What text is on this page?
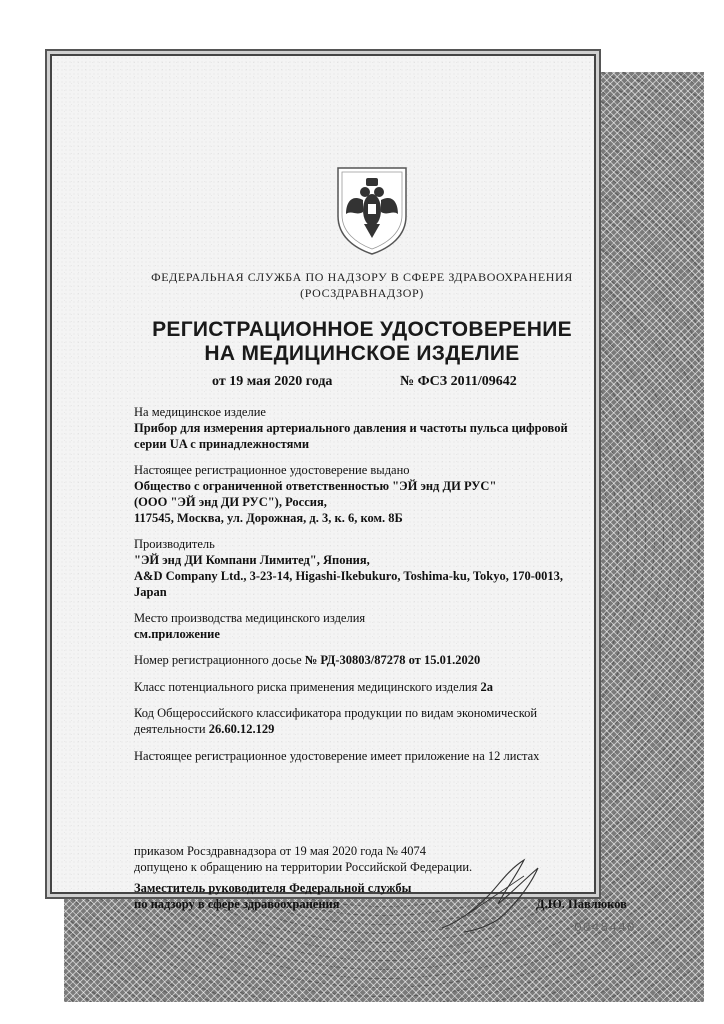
ФЕДЕРАЛЬНАЯ СЛУЖБА ПО НАДЗОРУ В СФЕРЕ ЗДРАВООХРАНЕНИЯ
(РОСЗДРАВНАДЗОР)
РЕГИСТРАЦИОННОЕ УДОСТОВЕРЕНИЕ
НА МЕДИЦИНСКОЕ ИЗДЕЛИЕ
от 19 мая 2020 года	№ ФСЗ 2011/09642
На медицинское изделие
Прибор для измерения артериального давления и частоты пульса цифровой
серии UA с принадлежностями
Настоящее регистрационное удостоверение выдано
Общество с ограниченной ответственностью "ЭЙ энд ДИ РУС"
(ООО "ЭЙ энд ДИ РУС"), Россия,
117545, Москва, ул. Дорожная, д. 3, к. 6, ком. 8Б
Производитель
"ЭЙ энд ДИ Компани Лимитед", Япония,
A&D Company Ltd., 3-23-14, Higashi-Ikebukuro, Toshima-ku, Tokyo, 170-0013,
Japan
Место производства медицинского изделия
см.приложение
Номер регистрационного досье № РД-30803/87278 от 15.01.2020
Класс потенциального риска применения медицинского изделия 2а
Код Общероссийского классификатора продукции по видам экономической
деятельности 26.60.12.129
Настоящее регистрационное удостоверение имеет приложение на 12 листах
приказом Росздравнадзора от 19 мая 2020 года № 4074
допущено к обращению на территории Российской Федерации.
Заместитель руководителя Федеральной службы
по надзору в сфере здравоохранения	Д.Ю. Павлюков
0048440
